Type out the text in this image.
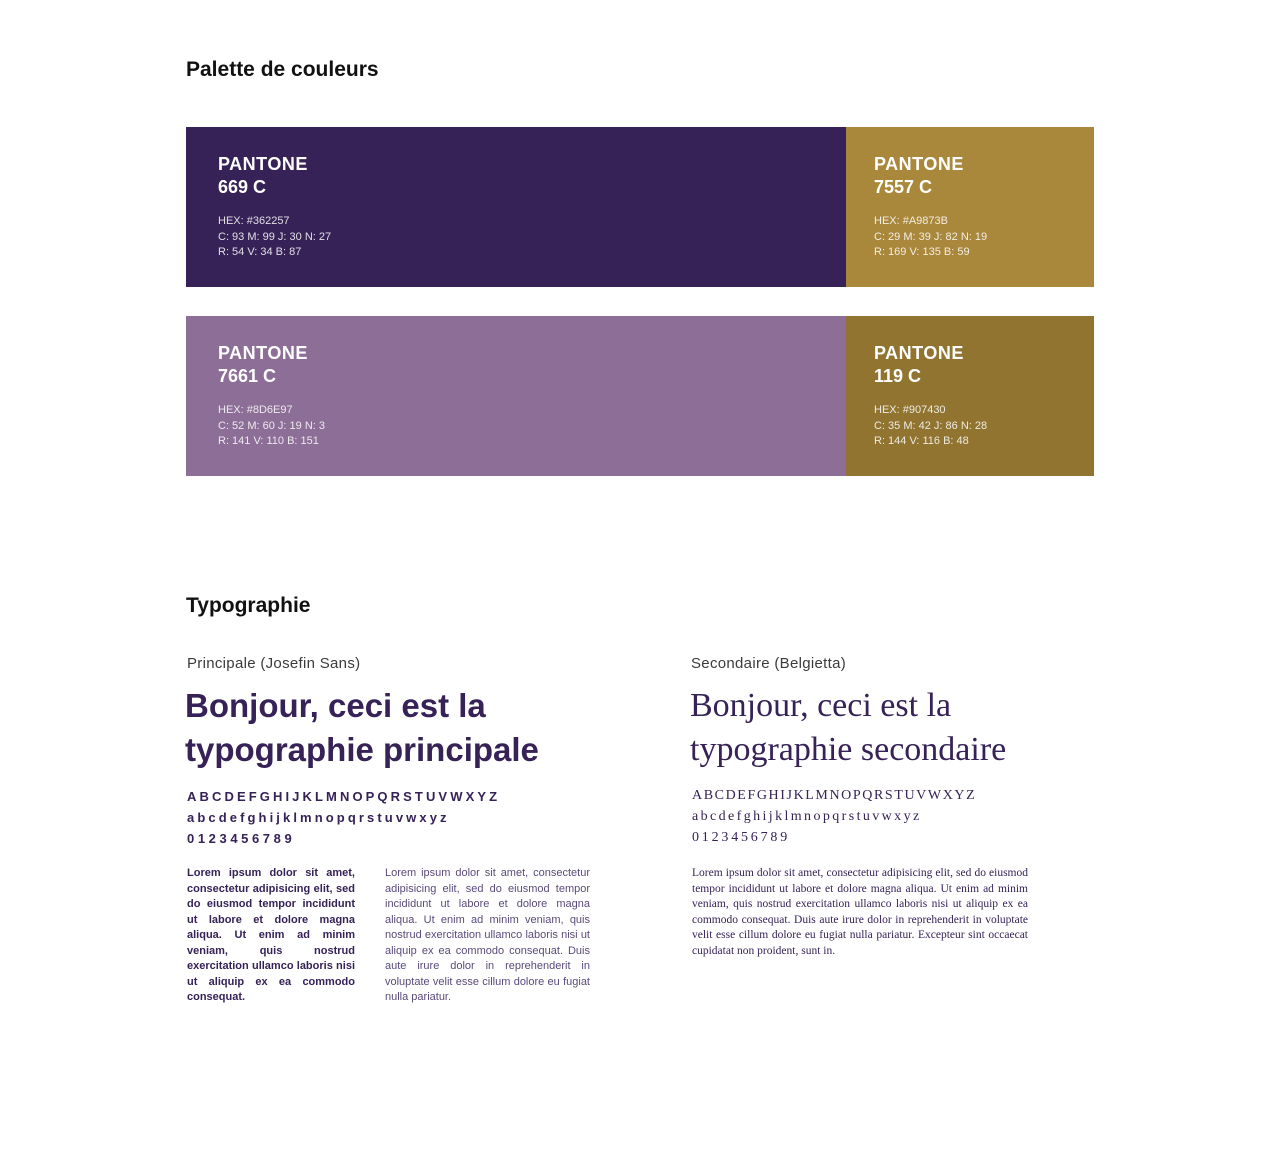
Palette de couleurs
PANTONE
669 C
HEX: #362257
C: 93 M: 99 J: 30 N: 27
R: 54 V: 34 B: 87
PANTONE
7557 C
HEX: #A9873B
C: 29 M: 39 J: 82 N: 19
R: 169 V: 135 B: 59
PANTONE
7661 C
HEX: #8D6E97
C: 52 M: 60 J: 19 N: 3
R: 141 V: 110 B: 151
PANTONE
119 C
HEX: #907430
C: 35 M: 42 J: 86 N: 28
R: 144 V: 116 B: 48
Typographie
Principale (Josefin Sans)	Secondaire (Belgietta)
Bonjour, ceci est la typographie principale
Bonjour, ceci est la typographie secondaire
ABCDEFGHIJKLMNOPQRSTUVWXYZ
abcdefghijklmnopqrstuvwxyz
0123456789
ABCDEFGHIJKLMNOPQRSTUVWXYZ
abcdefghijklmnopqrstuvwxyz
0123456789

Lorem ipsum dolor sit amet, consectetur adipisicing elit, sed do eiusmod tempor incididunt ut labore et dolore magna aliqua. Ut enim ad minim veniam, quis nostrud exercitation ullamco laboris nisi ut aliquip ex ea commodo consequat.

Lorem ipsum dolor sit amet, consectetur adipisicing elit, sed do eiusmod tempor incididunt ut labore et dolore magna aliqua. Ut enim ad minim veniam, quis nostrud exercitation ullamco laboris nisi ut aliquip ex ea commodo consequat. Duis aute irure dolor in reprehenderit in voluptate velit esse cillum dolore eu fugiat nulla pariatur.

Lorem ipsum dolor sit amet, consectetur adipisicing elit, sed do eiusmod tempor incididunt ut labore et dolore magna aliqua. Ut enim ad minim veniam, quis nostrud exercitation ullamco laboris nisi ut aliquip ex ea commodo consequat. Duis aute irure dolor in reprehenderit in voluptate velit esse cillum dolore eu fugiat nulla pariatur. Excepteur sint occaecat cupidatat non proident, sunt in.
